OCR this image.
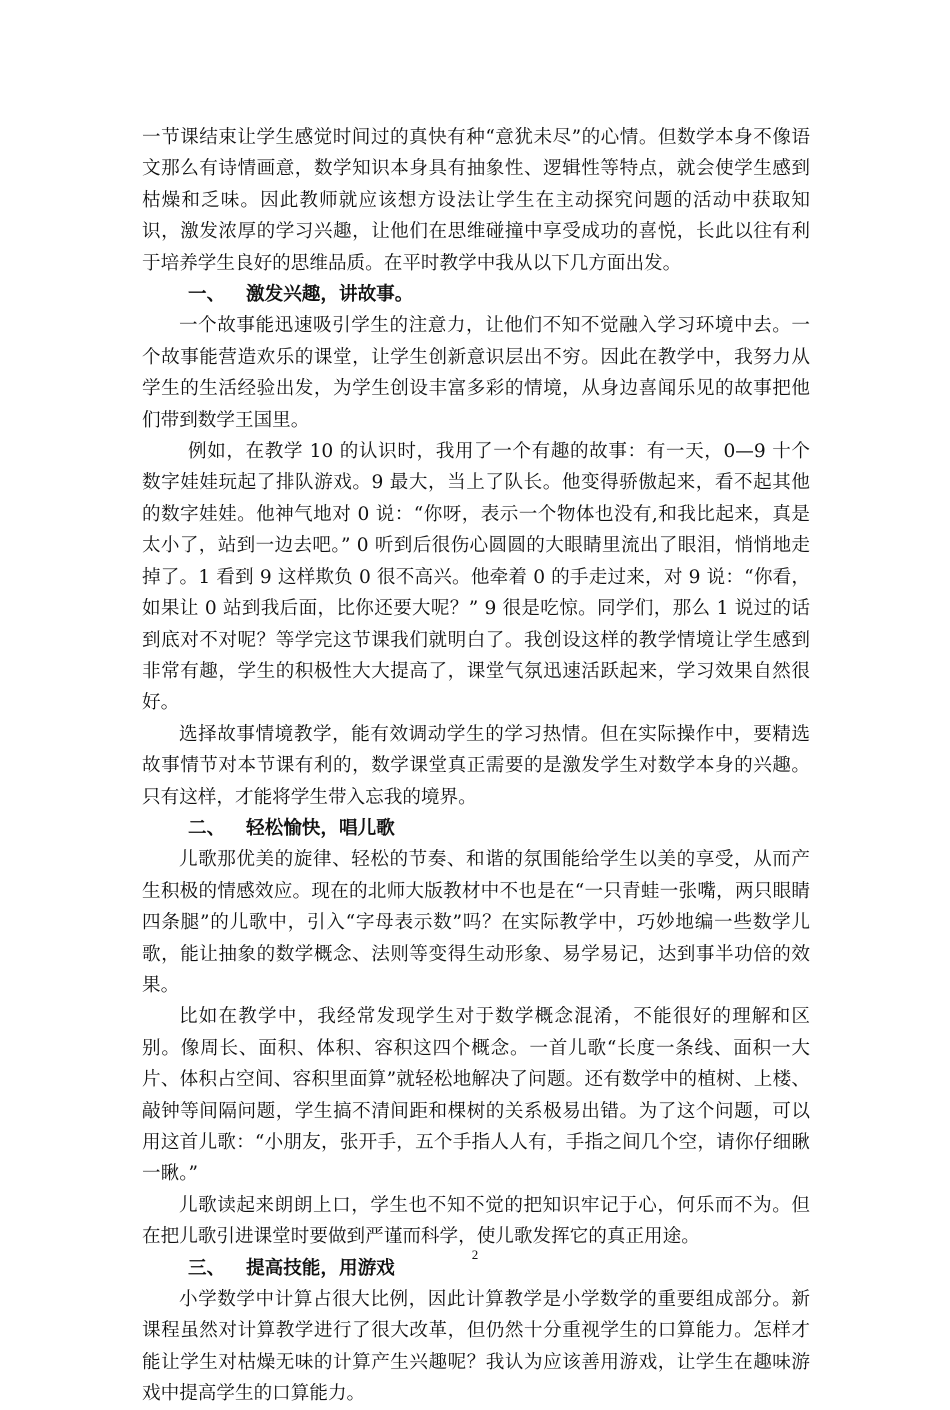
一节课结束让学生感觉时间过的真快有种“意犹未尽”的心情。但数学本身不像语文那么有诗情画意，数学知识本身具有抽象性、逻辑性等特点，就会使学生感到枯燥和乏味。因此教师就应该想方设法让学生在主动探究问题的活动中获取知识，激发浓厚的学习兴趣，让他们在思维碰撞中享受成功的喜悦，长此以往有利于培养学生良好的思维品质。在平时教学中我从以下几方面出发。

一、 激发兴趣，讲故事。

一个故事能迅速吸引学生的注意力，让他们不知不觉融入学习环境中去。一个故事能营造欢乐的课堂，让学生创新意识层出不穷。因此在教学中，我努力从学生的生活经验出发，为学生创设丰富多彩的情境，从身边喜闻乐见的故事把他们带到数学王国里。

例如，在教学 10 的认识时，我用了一个有趣的故事：有一天，0—9 十个数字娃娃玩起了排队游戏。9 最大，当上了队长。他变得骄傲起来，看不起其他的数字娃娃。他神气地对 0 说：“你呀，表示一个物体也没有,和我比起来，真是太小了，站到一边去吧。” 0 听到后很伤心圆圆的大眼睛里流出了眼泪，悄悄地走掉了。1 看到 9 这样欺负 0 很不高兴。他牵着 0 的手走过来，对 9 说：“你看，如果让 0 站到我后面，比你还要大呢？” 9 很是吃惊。同学们，那么 1 说过的话到底对不对呢？等学完这节课我们就明白了。我创设这样的教学情境让学生感到非常有趣，学生的积极性大大提高了，课堂气氛迅速活跃起来，学习效果自然很好。

选择故事情境教学，能有效调动学生的学习热情。但在实际操作中，要精选故事情节对本节课有利的，数学课堂真正需要的是激发学生对数学本身的兴趣。只有这样，才能将学生带入忘我的境界。

二、 轻松愉快，唱儿歌

儿歌那优美的旋律、轻松的节奏、和谐的氛围能给学生以美的享受，从而产生积极的情感效应。现在的北师大版教材中不也是在“一只青蛙一张嘴，两只眼睛四条腿”的儿歌中，引入“字母表示数”吗？在实际教学中，巧妙地编一些数学儿歌，能让抽象的数学概念、法则等变得生动形象、易学易记，达到事半功倍的效果。

比如在教学中，我经常发现学生对于数学概念混淆，不能很好的理解和区别。像周长、面积、体积、容积这四个概念。一首儿歌“长度一条线、面积一大片、体积占空间、容积里面算”就轻松地解决了问题。还有数学中的植树、上楼、敲钟等间隔问题，学生搞不清间距和棵树的关系极易出错。为了这个问题，可以用这首儿歌：“小朋友，张开手，五个手指人人有，手指之间几个空，请你仔细瞅一瞅。”

儿歌读起来朗朗上口，学生也不知不觉的把知识牢记于心，何乐而不为。但在把儿歌引进课堂时要做到严谨而科学，使儿歌发挥它的真正用途。

三、 提高技能，用游戏

小学数学中计算占很大比例，因此计算教学是小学数学的重要组成部分。新课程虽然对计算教学进行了很大改革，但仍然十分重视学生的口算能力。怎样才能让学生对枯燥无味的计算产生兴趣呢？我认为应该善用游戏，让学生在趣味游戏中提高学生的口算能力。

2
